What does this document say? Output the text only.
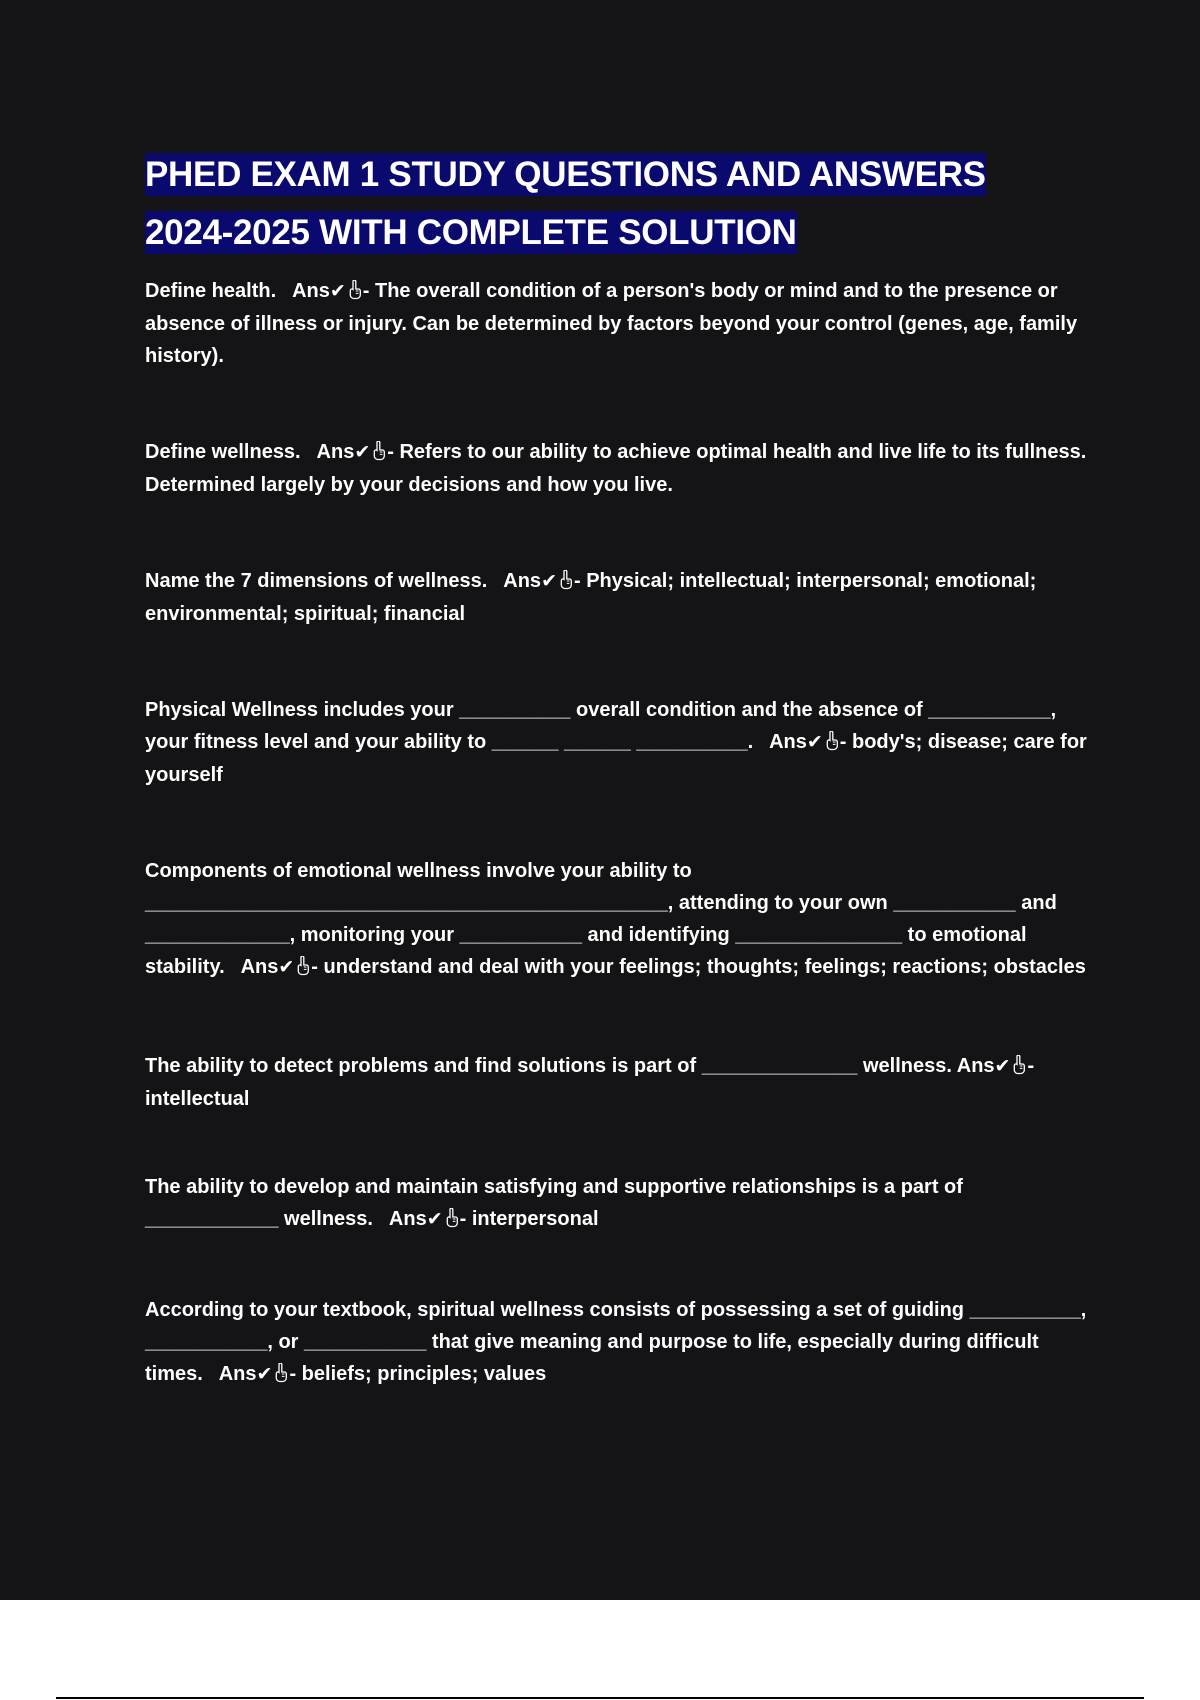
PHED EXAM 1 STUDY QUESTIONS AND ANSWERS
2024-2025 WITH COMPLETE SOLUTION

Define health.   Ans✔ - The overall condition of a person's body or mind and to the presence or absence of illness or injury. Can be determined by factors beyond your control (genes, age, family history).

Define wellness.   Ans✔ - Refers to our ability to achieve optimal health and live life to its fullness. Determined largely by your decisions and how you live.

Name the 7 dimensions of wellness.   Ans✔ - Physical; intellectual; interpersonal; emotional; environmental; spiritual; financial

Physical Wellness includes your __________ overall condition and the absence of ___________, your fitness level and your ability to ______ ______ __________.   Ans✔ - body's; disease; care for yourself

Components of emotional wellness involve your ability to _______________________________________________, attending to your own ___________ and _____________, monitoring your ___________ and identifying _______________ to emotional stability.   Ans✔ - understand and deal with your feelings; thoughts; feelings; reactions; obstacles

The ability to detect problems and find solutions is part of ______________ wellness. Ans✔ - intellectual

The ability to develop and maintain satisfying and supportive relationships is a part of ____________ wellness.   Ans✔ - interpersonal

According to your textbook, spiritual wellness consists of possessing a set of guiding __________, ___________, or ___________ that give meaning and purpose to life, especially during difficult times.   Ans✔ - beliefs; principles; values
